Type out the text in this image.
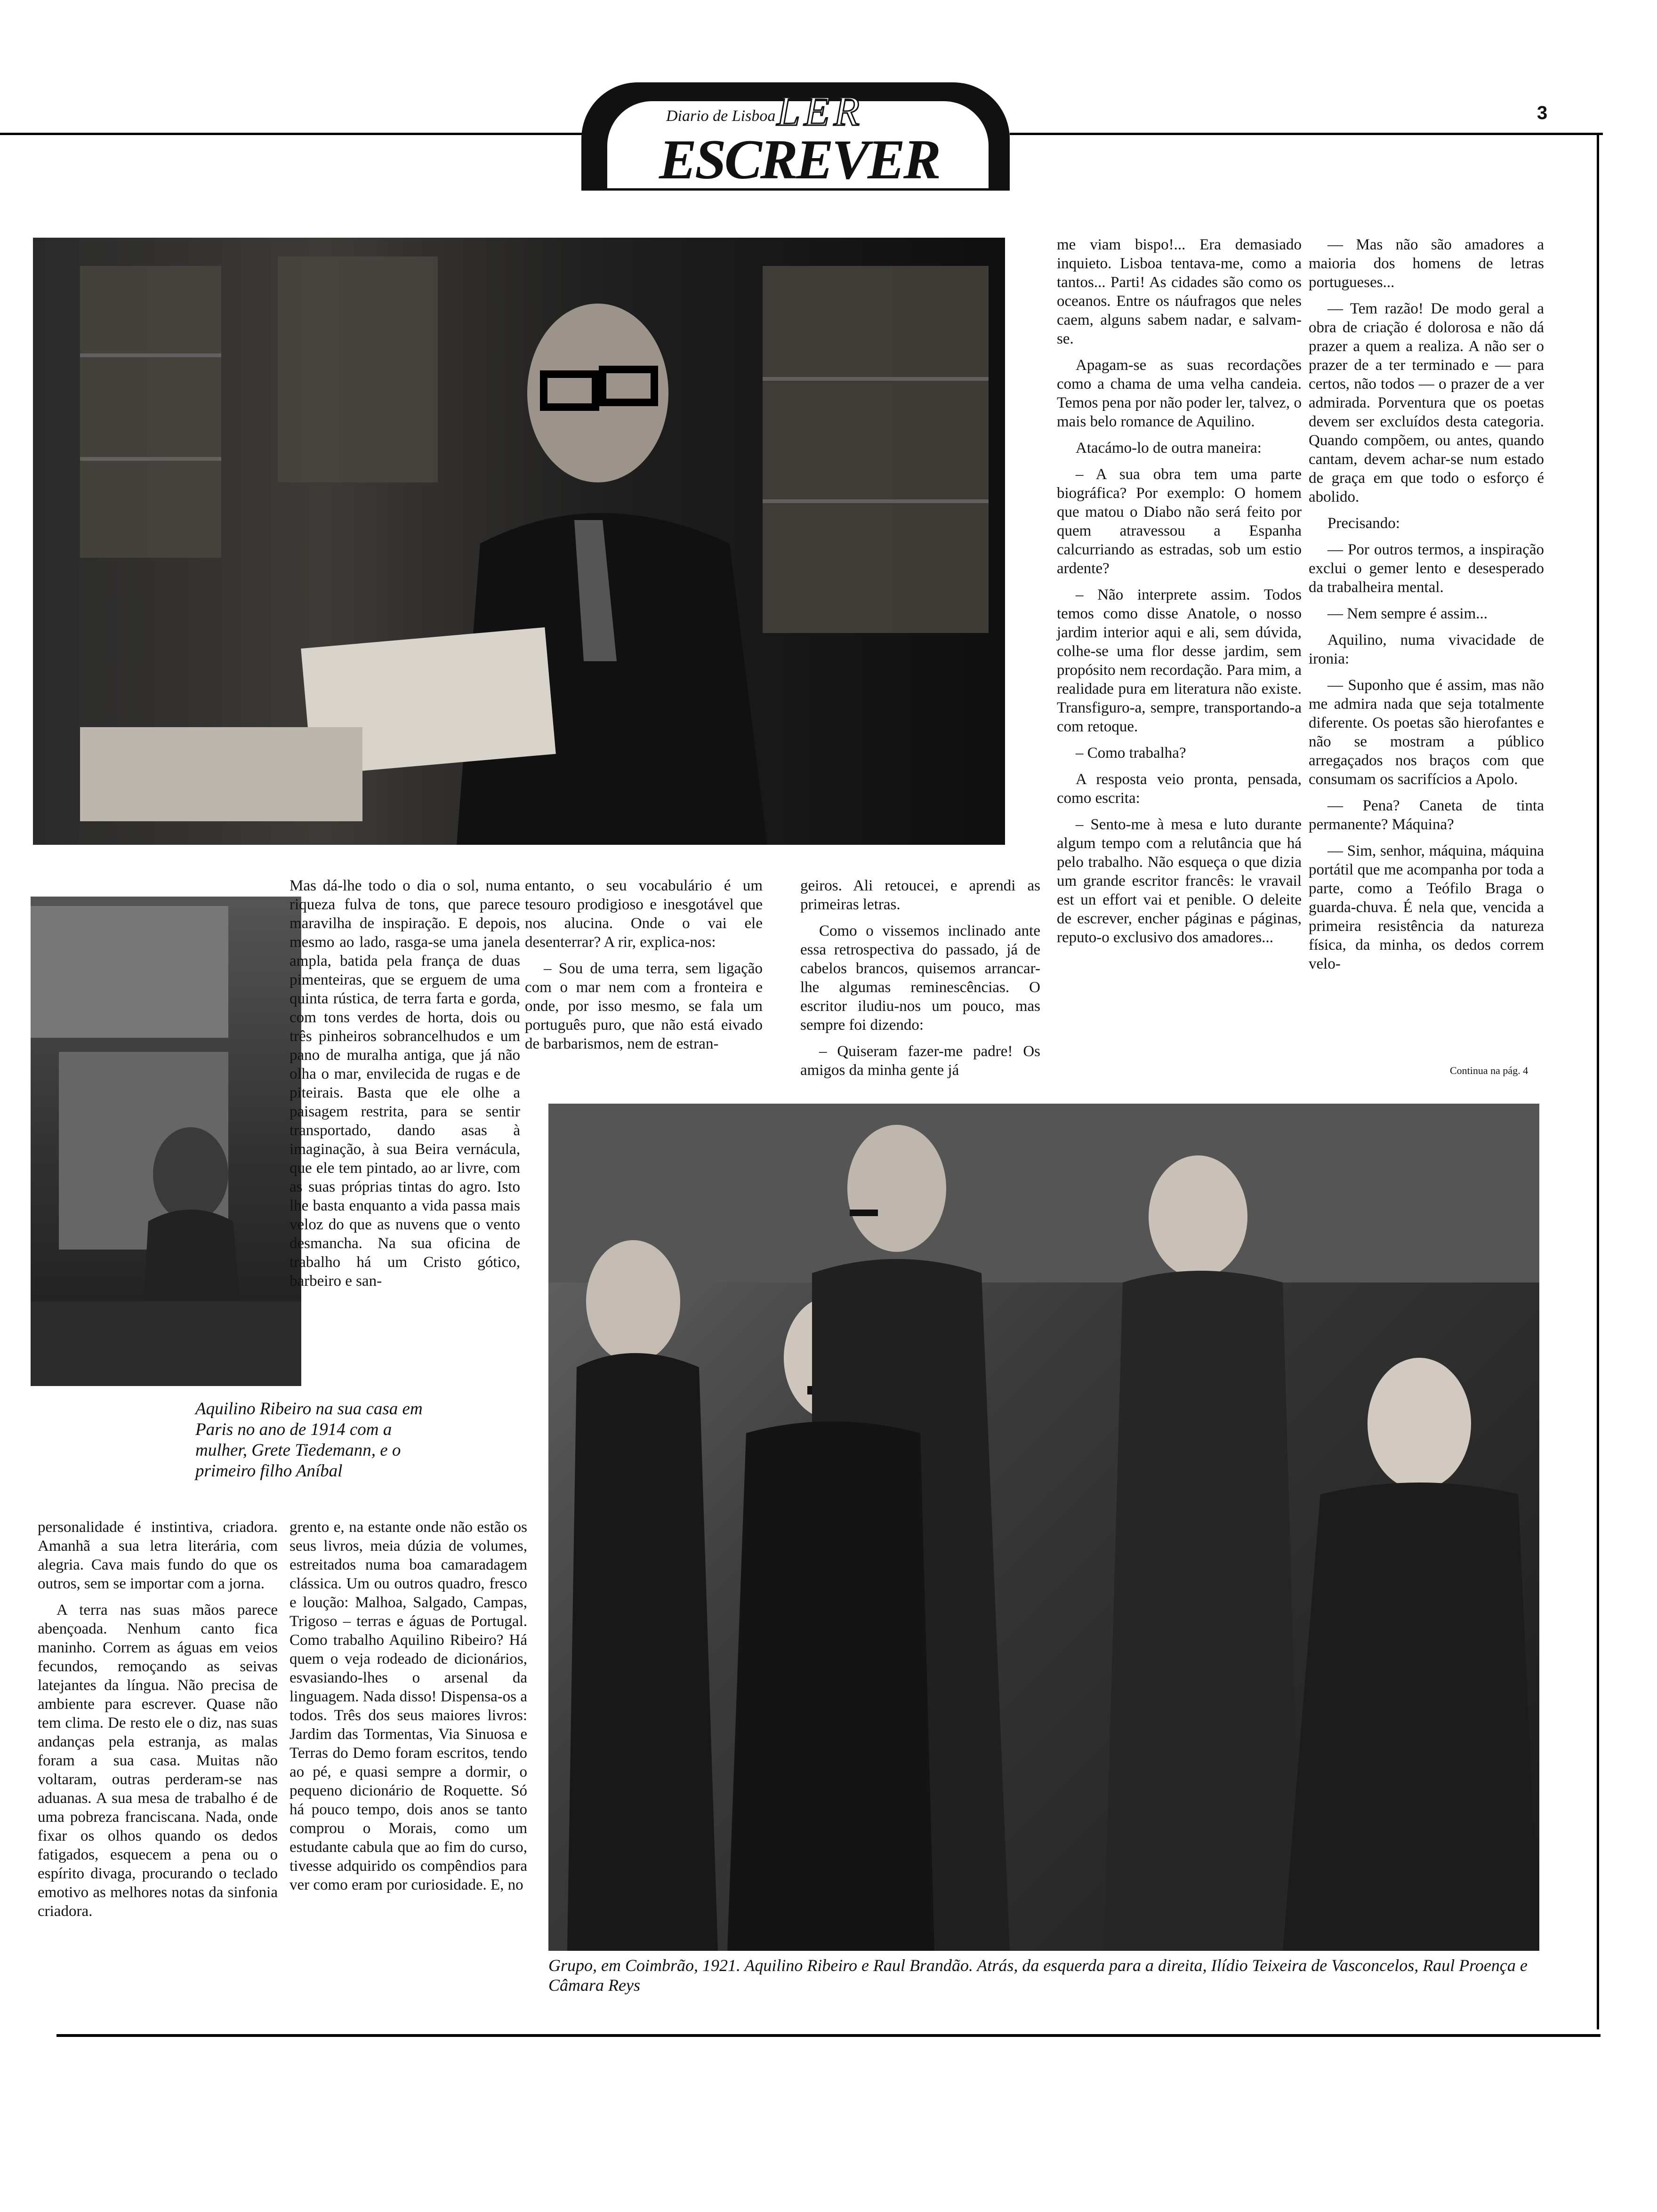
Diario de Lisboa LER
ESCREVER
3

me viam bispo!... Era demasiado inquieto. Lisboa tentava-me, como a tantos... Parti! As cidades são como os oceanos. Entre os náufragos que neles caem, alguns sabem nadar, e salvam-se.

Apagam-se as suas recordações como a chama de uma velha candeia. Temos pena por não poder ler, talvez, o mais belo romance de Aquilino.

Atacámo-lo de outra maneira:

– A sua obra tem uma parte biográfica? Por exemplo: O homem que matou o Diabo não será feito por quem atravessou a Espanha calcurriando as estradas, sob um estio ardente?

– Não interprete assim. Todos temos como disse Anatole, o nosso jardim interior aqui e ali, sem dúvida, colhe-se uma flor desse jardim, sem propósito nem recordação. Para mim, a realidade pura em literatura não existe. Transfiguro-a, sempre, transportando-a com retoque.

– Como trabalha?

A resposta veio pronta, pensada, como escrita:

– Sento-me à mesa e luto durante algum tempo com a relutância que há pelo trabalho. Não esqueça o que dizia um grande escritor francês: le vravail est un effort vai et penible. O deleite de escrever, encher páginas e páginas, reputo-o exclusivo dos amadores...

— Mas não são amadores a maioria dos homens de letras portugueses...

— Tem razão! De modo geral a obra de criação é dolorosa e não dá prazer a quem a realiza. A não ser o prazer de a ter terminado e — para certos, não todos — o prazer de a ver admirada. Porventura que os poetas devem ser excluídos desta categoria. Quando compõem, ou antes, quando cantam, devem achar-se num estado de graça em que todo o esforço é abolido.

Precisando:

— Por outros termos, a inspiração exclui o gemer lento e desesperado da trabalheira mental.

— Nem sempre é assim...

Aquilino, numa vivacidade de ironia:

— Suponho que é assim, mas não me admira nada que seja totalmente diferente. Os poetas são hierofantes e não se mostram a público arregaçados nos braços com que consumam os sacrifícios a Apolo.

— Pena? Caneta de tinta permanente? Máquina?

— Sim, senhor, máquina, máquina portátil que me acompanha por toda a parte, como a Teófilo Braga o guarda-chuva. É nela que, vencida a primeira resistência da natureza física, da minha, os dedos correm velo-

Continua na pág. 4
Aquilino Ribeiro na sua casa em Paris no ano de 1914 com a mulher, Grete Tiedemann, e o primeiro filho Aníbal

Mas dá-lhe todo o dia o sol, numa riqueza fulva de tons, que parece maravilha de inspiração. E depois, mesmo ao lado, rasga-se uma janela ampla, batida pela frança de duas pimenteiras, que se erguem de uma quinta rústica, de terra farta e gorda, com tons verdes de horta, dois ou três pinheiros sobrancelhudos e um pano de muralha antiga, que já não olha o mar, envilecida de rugas e de piteirais. Basta que ele olhe a paisagem restrita, para se sentir transportado, dando asas à imaginação, à sua Beira vernácula, que ele tem pintado, ao ar livre, com as suas próprias tintas do agro. Isto lhe basta enquanto a vida passa mais veloz do que as nuvens que o vento desmancha. Na sua oficina de trabalho há um Cristo gótico, barbeiro e san-

entanto, o seu vocabulário é um tesouro prodigioso e inesgotável que nos alucina. Onde o vai ele desenterrar? A rir, explica-nos:

– Sou de uma terra, sem ligação com o mar nem com a fronteira e onde, por isso mesmo, se fala um português puro, que não está eivado de barbarismos, nem de estran-

geiros. Ali retoucei, e aprendi as primeiras letras.

Como o vissemos inclinado ante essa retrospectiva do passado, já de cabelos brancos, quisemos arrancar-lhe algumas reminescências. O escritor iludiu-nos um pouco, mas sempre foi dizendo:

– Quiseram fazer-me padre! Os amigos da minha gente já

personalidade é instintiva, criadora. Amanhã a sua letra literária, com alegria. Cava mais fundo do que os outros, sem se importar com a jorna.

A terra nas suas mãos parece abençoada. Nenhum canto fica maninho. Correm as águas em veios fecundos, remoçando as seivas latejantes da língua. Não precisa de ambiente para escrever. Quase não tem clima. De resto ele o diz, nas suas andanças pela estranja, as malas foram a sua casa. Muitas não voltaram, outras perderam-se nas aduanas. A sua mesa de trabalho é de uma pobreza franciscana. Nada, onde fixar os olhos quando os dedos fatigados, esquecem a pena ou o espírito divaga, procurando o teclado emotivo as melhores notas da sinfonia criadora.

grento e, na estante onde não estão os seus livros, meia dúzia de volumes, estreitados numa boa camaradagem clássica. Um ou outros quadro, fresco e loução: Malhoa, Salgado, Campas, Trigoso – terras e águas de Portugal. Como trabalho Aquilino Ribeiro? Há quem o veja rodeado de dicionários, esvasiando-lhes o arsenal da linguagem. Nada disso! Dispensa-os a todos. Três dos seus maiores livros: Jardim das Tormentas, Via Sinuosa e Terras do Demo foram escritos, tendo ao pé, e quasi sempre a dormir, o pequeno dicionário de Roquette. Só há pouco tempo, dois anos se tanto comprou o Morais, como um estudante cabula que ao fim do curso, tivesse adquirido os compêndios para ver como eram por curiosidade. E, no

Grupo, em Coimbrão, 1921. Aquilino Ribeiro e Raul Brandão. Atrás, da esquerda para a direita, Ilídio Teixeira de Vasconcelos, Raul Proença e Câmara Reys
